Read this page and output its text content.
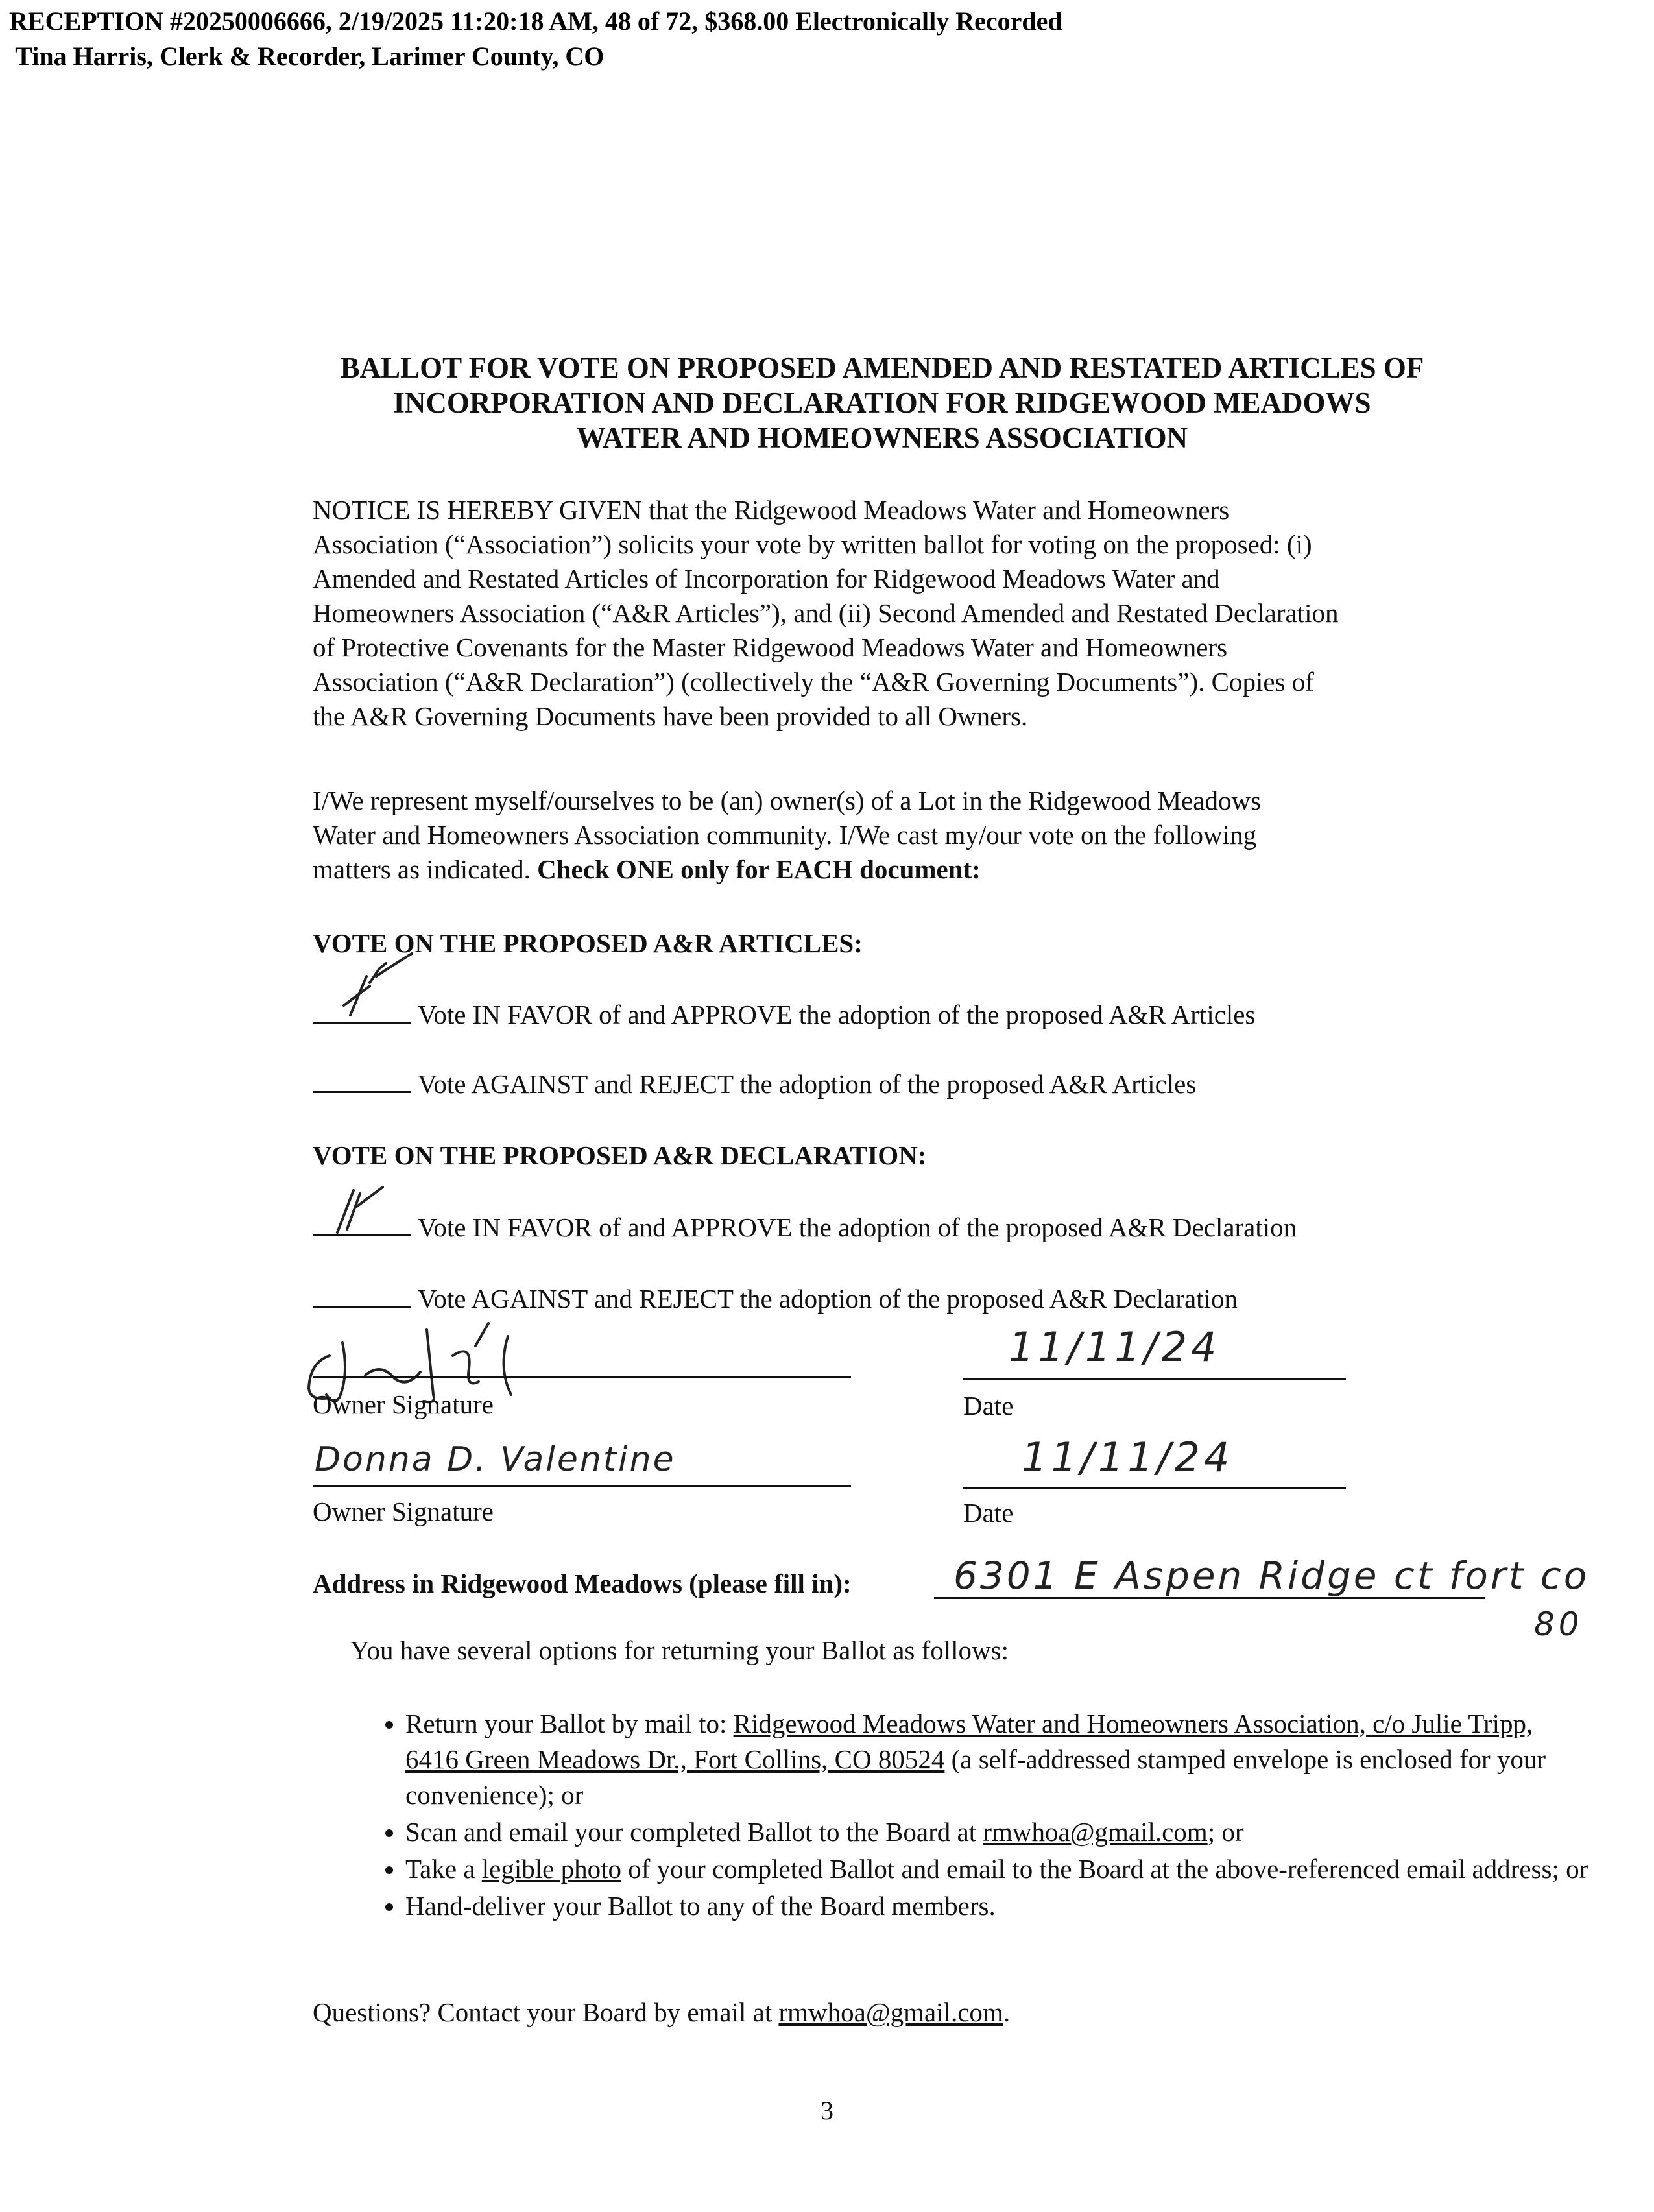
RECEPTION #20250006666, 2/19/2025 11:20:18 AM, 48 of 72, $368.00 Electronically Recorded
Tina Harris, Clerk & Recorder, Larimer County, CO
BALLOT FOR VOTE ON PROPOSED AMENDED AND RESTATED ARTICLES OF
INCORPORATION AND DECLARATION FOR RIDGEWOOD MEADOWS
WATER AND HOMEOWNERS ASSOCIATION
NOTICE IS HEREBY GIVEN that the Ridgewood Meadows Water and Homeowners
Association (“Association”) solicits your vote by written ballot for voting on the proposed: (i)
Amended and Restated Articles of Incorporation for Ridgewood Meadows Water and
Homeowners Association (“A&R Articles”), and (ii) Second Amended and Restated Declaration
of Protective Covenants for the Master Ridgewood Meadows Water and Homeowners
Association (“A&R Declaration”) (collectively the “A&R Governing Documents”). Copies of
the A&R Governing Documents have been provided to all Owners.
I/We represent myself/ourselves to be (an) owner(s) of a Lot in the Ridgewood Meadows
Water and Homeowners Association community. I/We cast my/our vote on the following
matters as indicated. Check ONE only for EACH document:
VOTE ON THE PROPOSED A&R ARTICLES:
Vote IN FAVOR of and APPROVE the adoption of the proposed A&R Articles
Vote AGAINST and REJECT the adoption of the proposed A&R Articles
VOTE ON THE PROPOSED A&R DECLARATION:
Vote IN FAVOR of and APPROVE the adoption of the proposed A&R Declaration
Vote AGAINST and REJECT the adoption of the proposed A&R Declaration
Owner Signature
11/11/24
Date
Donna D. Valentine
Owner Signature
11/11/24
Date
Address in Ridgewood Meadows (please fill in):	6301 E Aspen Ridge ct fort co
80
You have several options for returning your Ballot as follows:
• Return your Ballot by mail to: Ridgewood Meadows Water and Homeowners Association, c/o Julie Tripp, 6416 Green Meadows Dr., Fort Collins, CO 80524 (a self-addressed stamped envelope is enclosed for your convenience); or
• Scan and email your completed Ballot to the Board at rmwhoa@gmail.com; or
• Take a legible photo of your completed Ballot and email to the Board at the above-referenced email address; or
• Hand-deliver your Ballot to any of the Board members.
Questions? Contact your Board by email at rmwhoa@gmail.com.
3
